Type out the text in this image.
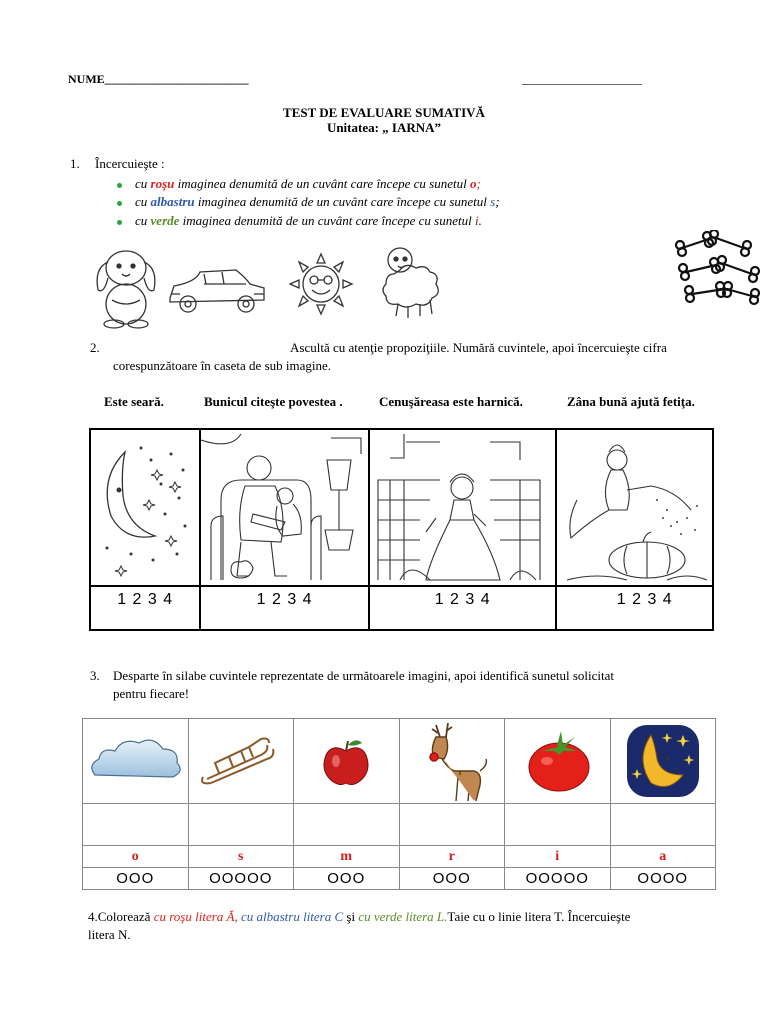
NUME________________________	____________________
TEST DE EVALUARE SUMATIVĂ
Unitatea: „ IARNA”
1. Încercuieşte :
cu roşu imaginea denumită de un cuvânt care începe cu sunetul o;
cu albastru imaginea denumită de un cuvânt care începe cu sunetul s;
cu verde imaginea denumită de un cuvânt care începe cu sunetul i.
2.	Ascultă cu atenţie propoziţiile. Numără cuvintele, apoi încercuieşte cifra
corespunzătoare în caseta de sub imagine.
Este seară.	Bunicul citeşte povestea .	Cenuşăreasa este harnică.	Zâna bună ajută fetiţa.

1 2 3 4	1 2 3 4	1 2 3 4	1 2 3 4
3. Desparte în silabe cuvintele reprezentate de următoarele imagini, apoi identifică sunetul solicitat
pentru fiecare!

o	s	m	r	i	a
OOO	OOOOO	OOO	OOO	OOOOO	OOOO
4.Colorează cu roşu litera Ă, cu albastru litera C şi cu verde litera L.Taie cu o linie litera T. Încercuieşte
litera N.
